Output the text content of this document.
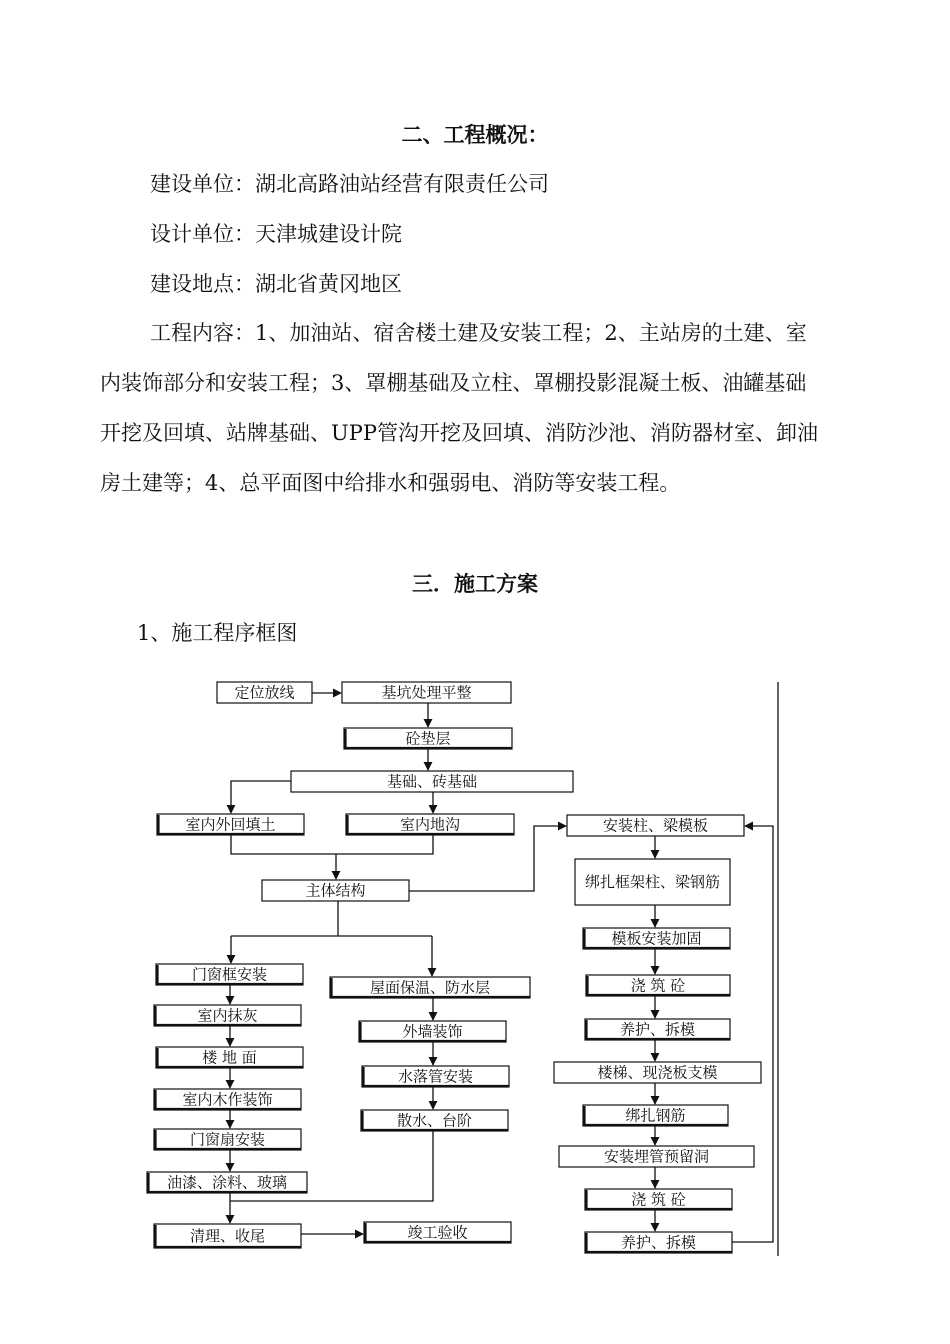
二、工程概况：
建设单位：湖北高路油站经营有限责任公司
设计单位：天津城建设计院
建设地点：湖北省黄冈地区
工程内容：1、加油站、宿舍楼土建及安装工程；2、主站房的土建、室
内装饰部分和安装工程；3、罩棚基础及立柱、罩棚投影混凝土板、油罐基础
开挖及回填、站牌基础、UPP管沟开挖及回填、消防沙池、消防器材室、卸油
房土建等；4、总平面图中给排水和强弱电、消防等安装工程。
三．施工方案
1、施工程序框图
定位放线	基坑处理平整
砼垫层
基础、砖基础
室内外回填土	室内地沟
主体结构
门窗框安装
室内抹灰
楼 地 面
室内木作装饰
门窗扇安装
油漆、涂料、玻璃
清理、收尾	竣工验收
屋面保温、防水层
外墙装饰
水落管安装
散水、台阶
安装柱、梁模板
绑扎框架柱、梁钢筋
模板安装加固
浇 筑 砼
养护、拆模
楼梯、现浇板支模
绑扎钢筋
安装埋管预留洞
浇 筑 砼
养护、拆模
